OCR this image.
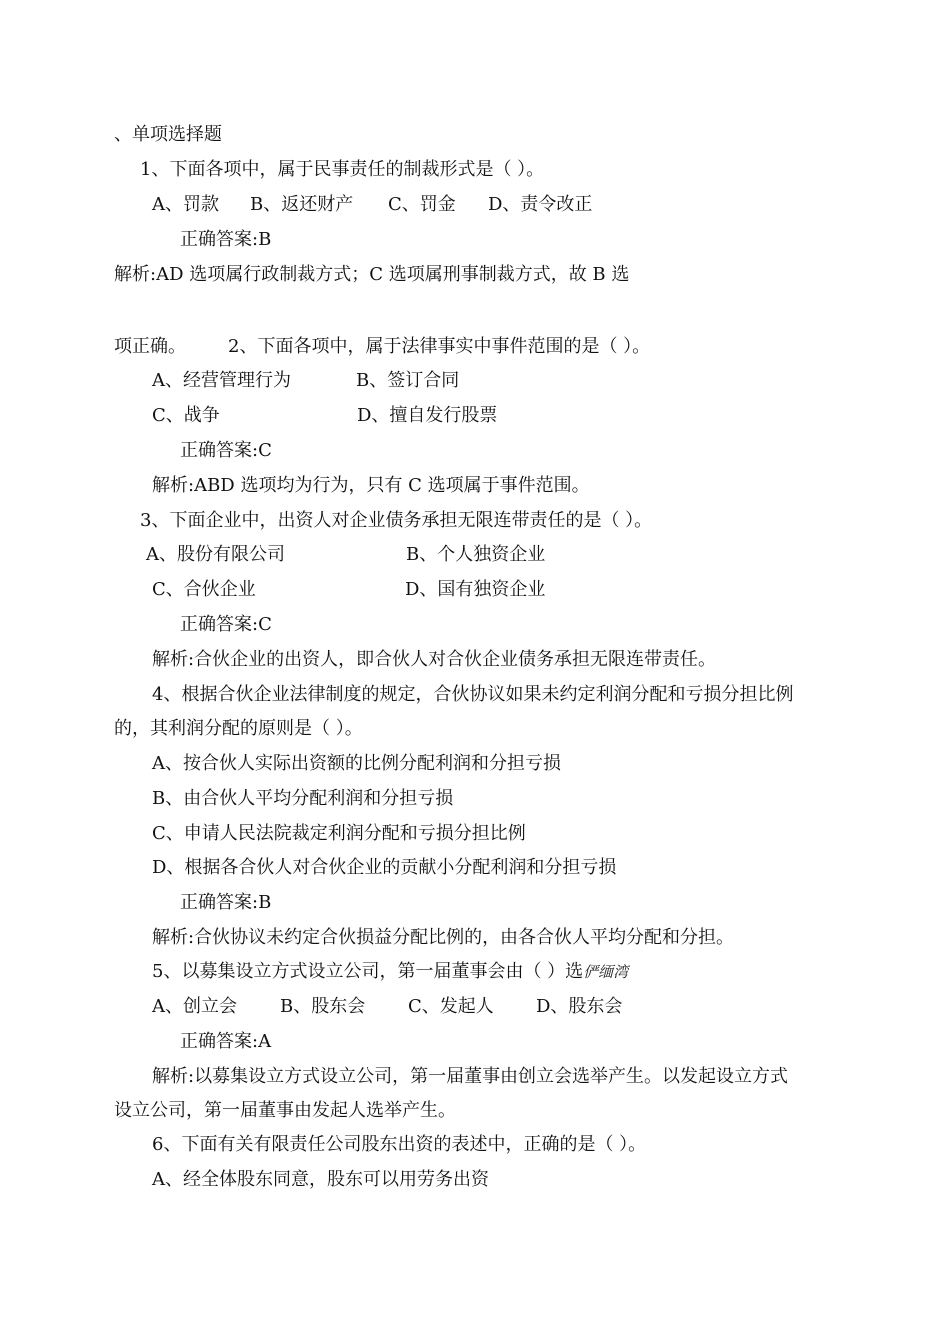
、单项选择题
1、下面各项中，属于民事责任的制裁形式是（ ）。
A、罚款 B、返还财产 C、罚金 D、责令改正
正确答案:B
解析:AD 选项属行政制裁方式；C 选项属刑事制裁方式，故 B 选
项正确。 2、下面各项中，属于法律事实中事件范围的是（ ）。
A、经营管理行为	B、签订合同
C、战争	D、擅自发行股票
正确答案:C
解析:ABD 选项均为行为，只有 C 选项属于事件范围。
3、下面企业中，出资人对企业债务承担无限连带责任的是（ ）。
A、股份有限公司	B、个人独资企业
C、合伙企业	D、国有独资企业
正确答案:C
解析:合伙企业的出资人，即合伙人对合伙企业债务承担无限连带责任。
4、根据合伙企业法律制度的规定，合伙协议如果未约定利润分配和亏损分担比例
的，其利润分配的原则是（ ）。
A、按合伙人实际出资额的比例分配利润和分担亏损
B、由合伙人平均分配利润和分担亏损
C、申请人民法院裁定利润分配和亏损分担比例
D、根据各合伙人对合伙企业的贡献小分配利润和分担亏损
正确答案:B
解析:合伙协议未约定合伙损益分配比例的，由各合伙人平均分配和分担。
5、以募集设立方式设立公司，第一届董事会由（ ）选俨缅湾
A、创立会 B、股东会 C、发起人 D、股东会
正确答案:A
解析:以募集设立方式设立公司，第一届董事由创立会选举产生。以发起设立方式
设立公司，第一届董事由发起人选举产生。
6、下面有关有限责任公司股东出资的表述中，正确的是（ ）。
A、经全体股东同意，股东可以用劳务出资
